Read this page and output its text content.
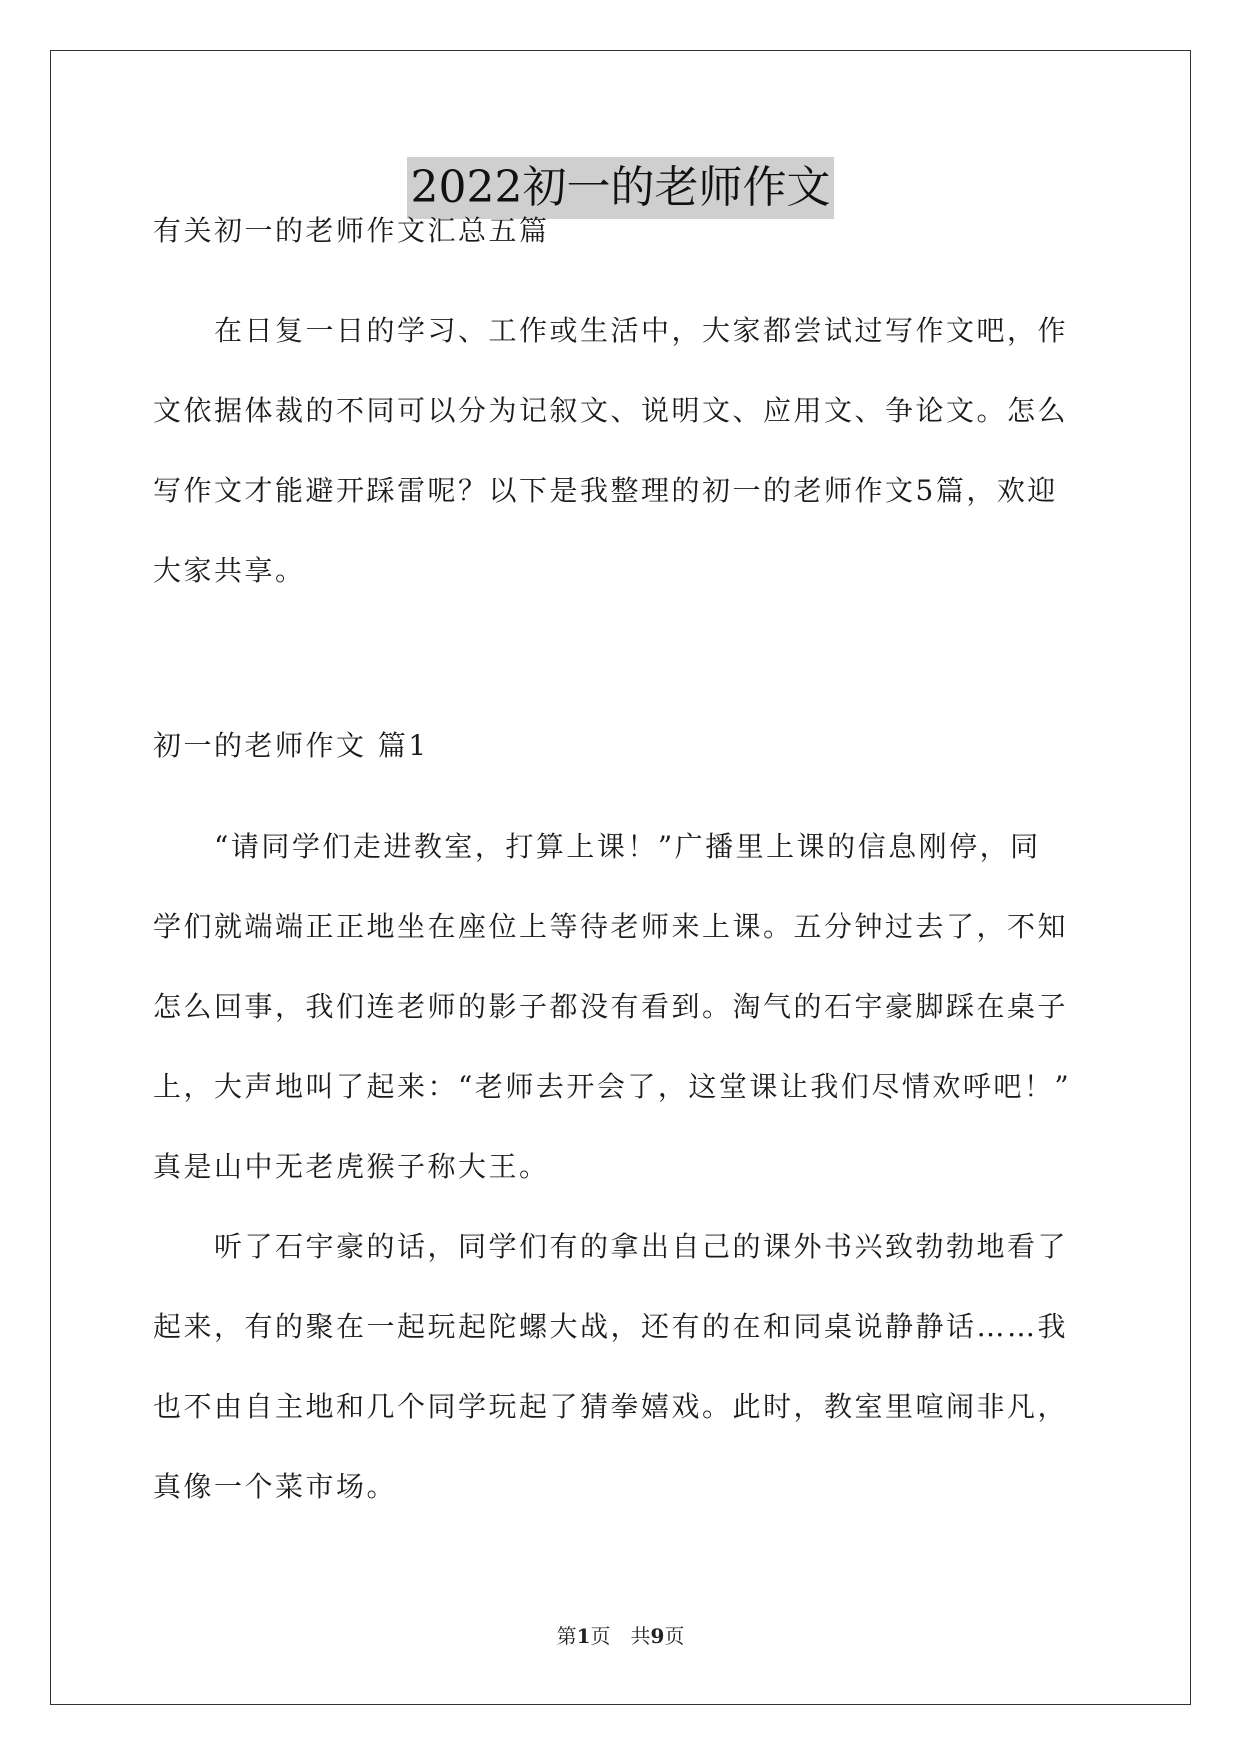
2022初一的老师作文
有关初一的老师作文汇总五篇
　　在日复一日的学习、工作或生活中，大家都尝试过写作文吧，作
文依据体裁的不同可以分为记叙文、说明文、应用文、争论文。怎么
写作文才能避开踩雷呢？以下是我整理的初一的老师作文5篇，欢迎
大家共享。
初一的老师作文 篇1
　　“请同学们走进教室，打算上课！”广播里上课的信息刚停，同
学们就端端正正地坐在座位上等待老师来上课。五分钟过去了，不知
怎么回事，我们连老师的影子都没有看到。淘气的石宇豪脚踩在桌子
上，大声地叫了起来：“老师去开会了，这堂课让我们尽情欢呼吧！”
真是山中无老虎猴子称大王。
　　听了石宇豪的话，同学们有的拿出自己的课外书兴致勃勃地看了
起来，有的聚在一起玩起陀螺大战，还有的在和同桌说静静话……我
也不由自主地和几个同学玩起了猜拳嬉戏。此时，教室里喧闹非凡，
真像一个菜市场。
第1页　共9页
